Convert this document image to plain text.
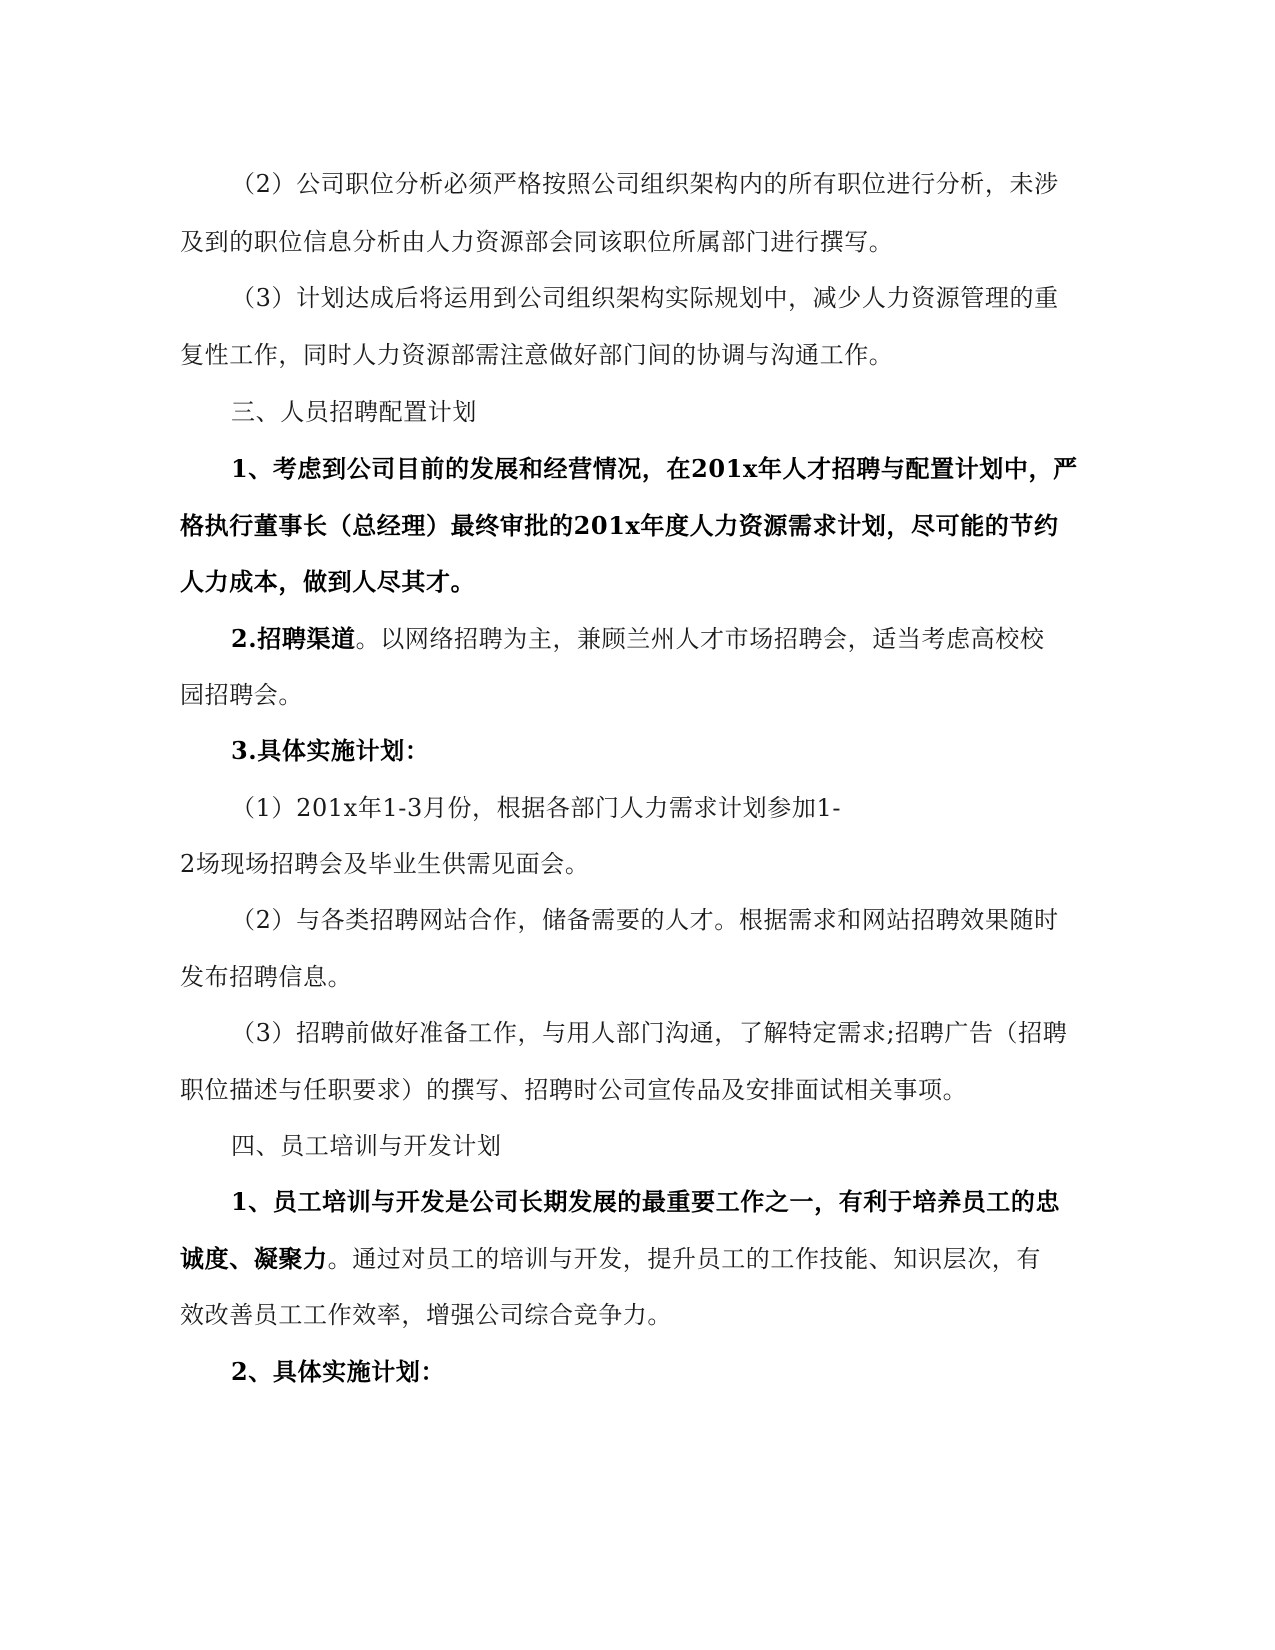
（2）公司职位分析必须严格按照公司组织架构内的所有职位进行分析，未涉
及到的职位信息分析由人力资源部会同该职位所属部门进行撰写。
（3）计划达成后将运用到公司组织架构实际规划中，减少人力资源管理的重
复性工作，同时人力资源部需注意做好部门间的协调与沟通工作。
三、人员招聘配置计划
1、考虑到公司目前的发展和经营情况，在201x年人才招聘与配置计划中，严
格执行董事长（总经理）最终审批的201x年度人力资源需求计划，尽可能的节约
人力成本，做到人尽其才。
2.招聘渠道。以网络招聘为主，兼顾兰州人才市场招聘会，适当考虑高校校
园招聘会。
3.具体实施计划：
（1）201x年1-3月份，根据各部门人力需求计划参加1-
2场现场招聘会及毕业生供需见面会。
（2）与各类招聘网站合作，储备需要的人才。根据需求和网站招聘效果随时
发布招聘信息。
（3）招聘前做好准备工作，与用人部门沟通，了解特定需求;招聘广告（招聘
职位描述与任职要求）的撰写、招聘时公司宣传品及安排面试相关事项。
四、员工培训与开发计划
1、员工培训与开发是公司长期发展的最重要工作之一，有利于培养员工的忠
诚度、凝聚力。通过对员工的培训与开发，提升员工的工作技能、知识层次，有
效改善员工工作效率，增强公司综合竞争力。
2、具体实施计划：
